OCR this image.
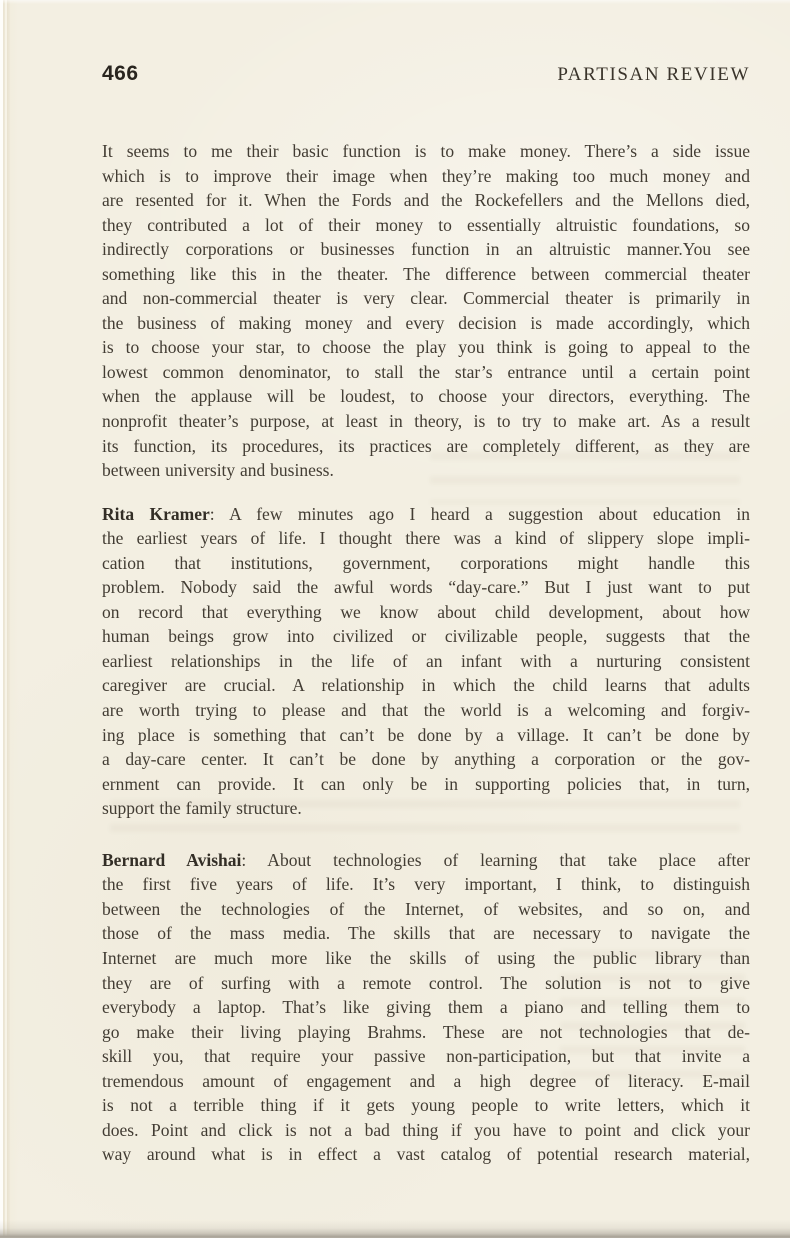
466	PARTISAN REVIEW
It seems to me their basic function is to make money. There’s a side issue
which is to improve their image when they’re making too much money and
are resented for it. When the Fords and the Rockefellers and the Mellons died,
they contributed a lot of their money to essentially altruistic foundations, so
indirectly corporations or businesses function in an altruistic manner.You see
something like this in the theater. The difference between commercial theater
and non-commercial theater is very clear. Commercial theater is primarily in
the business of making money and every decision is made accordingly, which
is to choose your star, to choose the play you think is going to appeal to the
lowest common denominator, to stall the star’s entrance until a certain point
when the applause will be loudest, to choose your directors, everything. The
nonprofit theater’s purpose, at least in theory, is to try to make art. As a result
its function, its procedures, its practices are completely different, as they are
between university and business.
Rita Kramer: A few minutes ago I heard a suggestion about education in
the earliest years of life. I thought there was a kind of slippery slope impli-
cation that institutions, government, corporations might handle this
problem. Nobody said the awful words “day-care.” But I just want to put
on record that everything we know about child development, about how
human beings grow into civilized or civilizable people, suggests that the
earliest relationships in the life of an infant with a nurturing consistent
caregiver are crucial. A relationship in which the child learns that adults
are worth trying to please and that the world is a welcoming and forgiv-
ing place is something that can’t be done by a village. It can’t be done by
a day-care center. It can’t be done by anything a corporation or the gov-
ernment can provide. It can only be in supporting policies that, in turn,
support the family structure.
Bernard Avishai: About technologies of learning that take place after
the first five years of life. It’s very important, I think, to distinguish
between the technologies of the Internet, of websites, and so on, and
those of the mass media. The skills that are necessary to navigate the
Internet are much more like the skills of using the public library than
they are of surfing with a remote control. The solution is not to give
everybody a laptop. That’s like giving them a piano and telling them to
go make their living playing Brahms. These are not technologies that de-
skill you, that require your passive non-participation, but that invite a
tremendous amount of engagement and a high degree of literacy. E-mail
is not a terrible thing if it gets young people to write letters, which it
does. Point and click is not a bad thing if you have to point and click your
way around what is in effect a vast catalog of potential research material,
